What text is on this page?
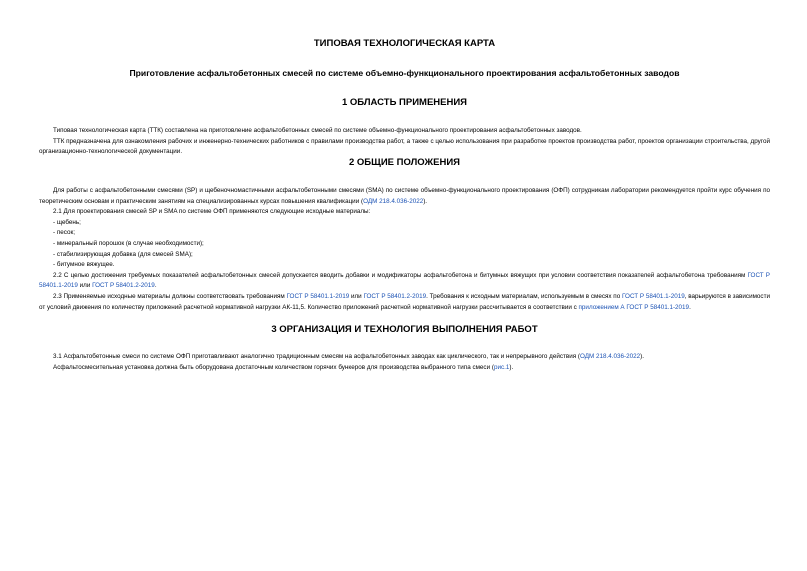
ТИПОВАЯ ТЕХНОЛОГИЧЕСКАЯ КАРТА
Приготовление асфальтобетонных смесей по системе объемно-функционального проектирования асфальтобетонных заводов
1 ОБЛАСТЬ ПРИМЕНЕНИЯ

Типовая технологическая карта (ТТК) составлена на приготовление асфальтобетонных смесей по системе объемно-функционального проектирования асфальтобетонных заводов.

ТТК предназначена для ознакомления рабочих и инженерно-технических работников с правилами производства работ, а также с целью использования при разработке проектов производства работ, проектов организации строительства, другой организационно-технологической документации.

2 ОБЩИЕ ПОЛОЖЕНИЯ

Для работы с асфальтобетонными смесями (SP) и щебеночномастичными асфальтобетонными смесями (SMA) по системе объемно-функционального проектирования (ОФП) сотрудникам лаборатории рекомендуется пройти курс обучения по теоретическим основам и практическим занятиям на специализированных курсах повышения квалификации (ОДМ 218.4.036-2022).

2.1 Для проектирования смесей SP и SMA по системе ОФП применяются следующие исходные материалы:

- щебень;

- песок;

- минеральный порошок (в случае необходимости);

- стабилизирующая добавка (для смесей SMA);

- битумное вяжущее.

2.2 С целью достижения требуемых показателей асфальтобетонных смесей допускается вводить добавки и модификаторы асфальтобетона и битумных вяжущих при условии соответствия показателей асфальтобетона требованиям ГОСТ Р 58401.1-2019 или ГОСТ Р 58401.2-2019.

2.3 Применяемые исходные материалы должны соответствовать требованиям ГОСТ Р 58401.1-2019 или ГОСТ Р 58401.2-2019. Требования к исходным материалам, используемым в смесях по ГОСТ Р 58401.1-2019, варьируются в зависимости от условий движения по количеству приложений расчетной нормативной нагрузки АК-11,5. Количество приложений расчетной нормативной нагрузки рассчитывается в соответствии с приложением А ГОСТ Р 58401.1-2019.

3 ОРГАНИЗАЦИЯ И ТЕХНОЛОГИЯ ВЫПОЛНЕНИЯ РАБОТ

3.1 Асфальтобетонные смеси по системе ОФП приготавливают аналогично традиционным смесям на асфальтобетонных заводах как циклического, так и непрерывного действия (ОДМ 218.4.036-2022).

Асфальтосмесительная установка должна быть оборудована достаточным количеством горячих бункеров для производства выбранного типа смеси (рис.1).
